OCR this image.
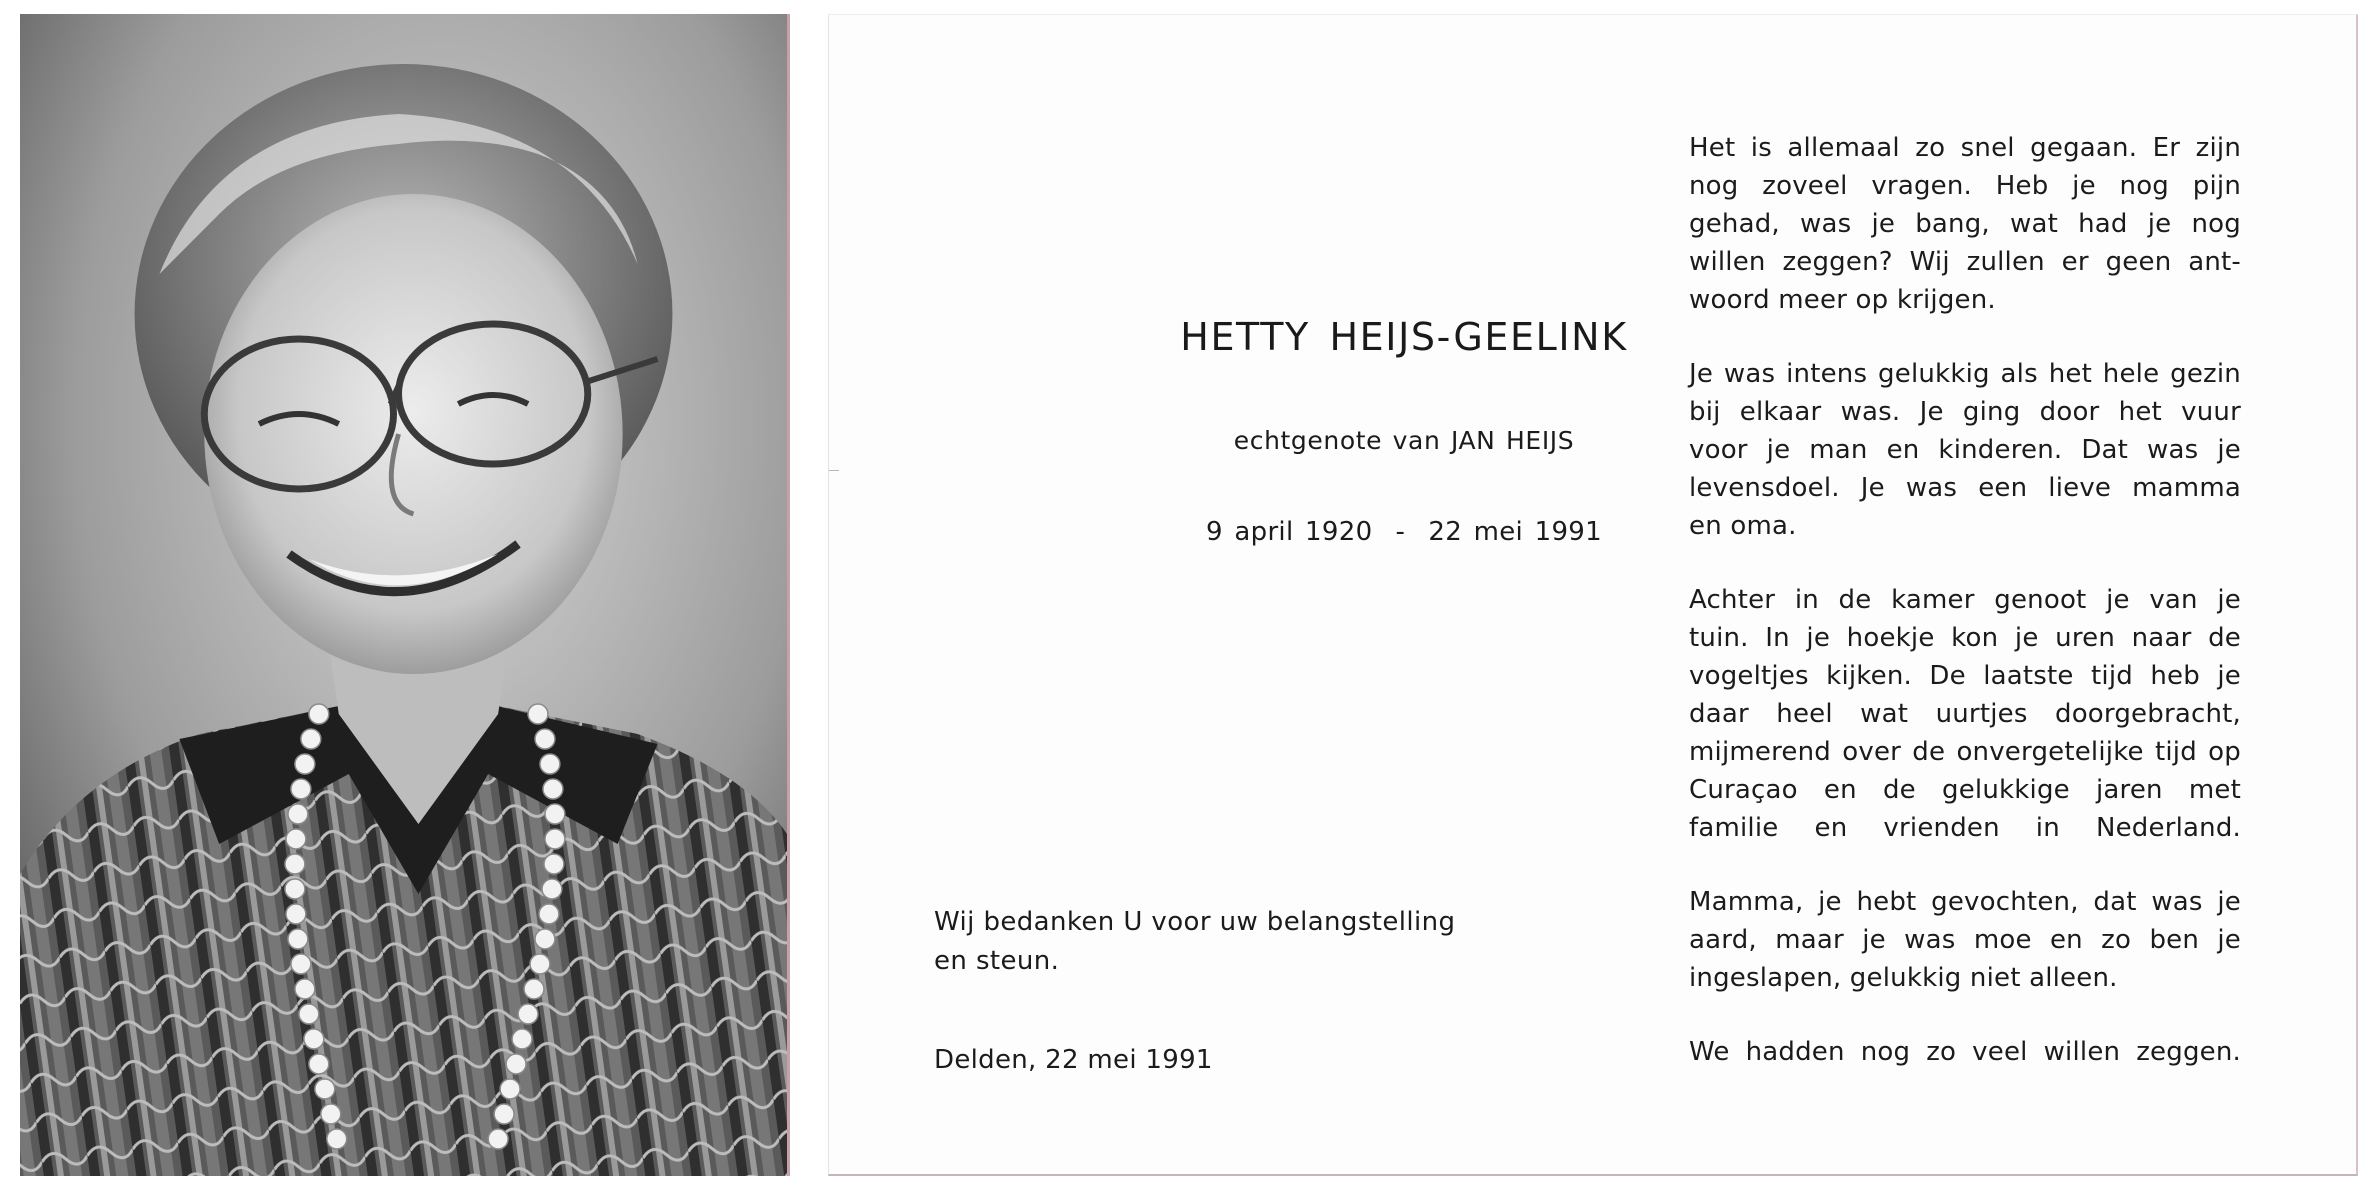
HETTY HEIJS-GEELINK
echtgenote van JAN HEIJS
9 april 1920  -  22 mei 1991
Wij bedanken U voor uw belangstelling
en steun.
Delden, 22 mei 1991
Het is allemaal zo snel gegaan. Er zijn
nog zoveel vragen. Heb je nog pijn
gehad, was je bang, wat had je nog
willen zeggen? Wij zullen er geen ant-
woord meer op krijgen.
Je was intens gelukkig als het hele gezin
bij elkaar was. Je ging door het vuur
voor je man en kinderen. Dat was je
levensdoel. Je was een lieve mamma
en oma.
Achter in de kamer genoot je van je
tuin. In je hoekje kon je uren naar de
vogeltjes kijken. De laatste tijd heb je
daar heel wat uurtjes doorgebracht,
mijmerend over de onvergetelijke tijd op
Curaçao en de gelukkige jaren met
familie en vrienden in Nederland.
Mamma, je hebt gevochten, dat was je
aard, maar je was moe en zo ben je
ingeslapen, gelukkig niet alleen.
We hadden nog zo veel willen zeggen.
